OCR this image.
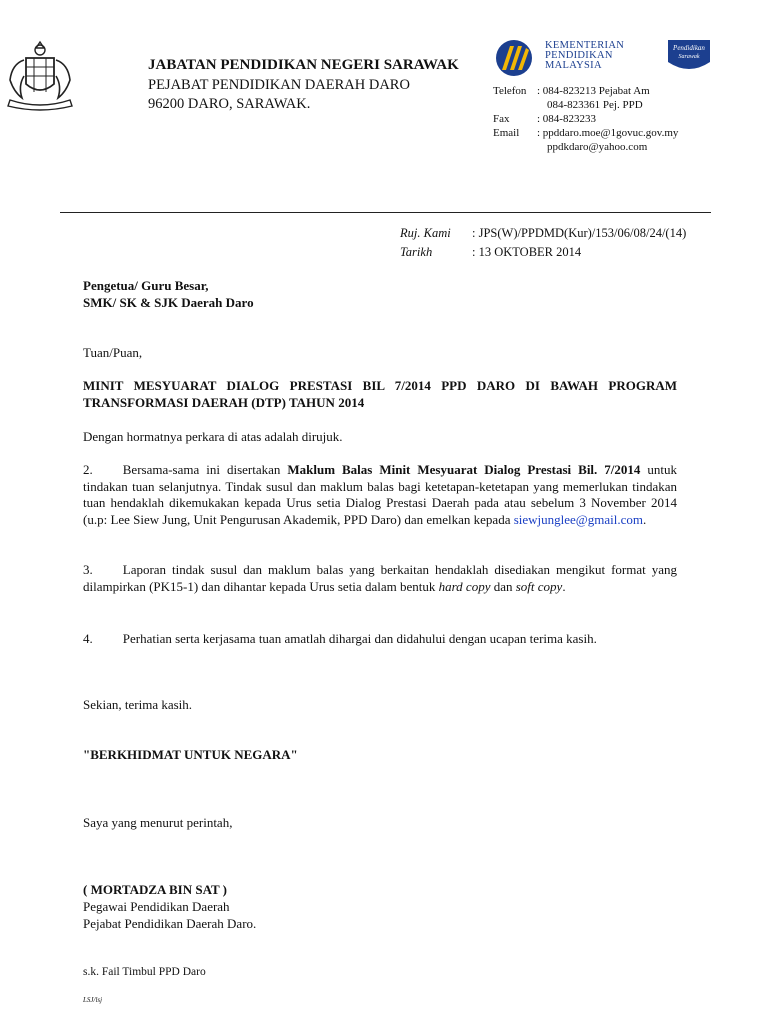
JABATAN PENDIDIKAN NEGERI SARAWAK
PEJABAT PENDIDIKAN DAERAH DARO
96200 DARO, SARAWAK.
KEMENTERIAN
PENDIDIKAN
MALAYSIA
Pendidikan
Sarawak
Telefon : 084-823213 Pejabat Am
084-823361 Pej. PPD
Fax	: 084-823233
Email : ppddaro.moe@1govuc.gov.my
ppdkdaro@yahoo.com
Ruj. Kami : JPS(W)/PPDMD(Kur)/153/06/08/24/(14)
Tarikh	: 13 OKTOBER 2014
Pengetua/ Guru Besar,
SMK/ SK & SJK Daerah Daro
Tuan/Puan,
MINIT MESYUARAT DIALOG PRESTASI BIL 7/2014 PPD DARO DI BAWAH PROGRAM TRANSFORMASI DAERAH (DTP) TAHUN 2014
Dengan hormatnya perkara di atas adalah dirujuk.
2. Bersama-sama ini disertakan Maklum Balas Minit Mesyuarat Dialog Prestasi Bil. 7/2014 untuk tindakan tuan selanjutnya. Tindak susul dan maklum balas bagi ketetapan-ketetapan yang memerlukan tindakan tuan hendaklah dikemukakan kepada Urus setia Dialog Prestasi Daerah pada atau sebelum 3 November 2014 (u.p: Lee Siew Jung, Unit Pengurusan Akademik, PPD Daro) dan emelkan kepada siewjunglee@gmail.com.
3. Laporan tindak susul dan maklum balas yang berkaitan hendaklah disediakan mengikut format yang dilampirkan (PK15-1) dan dihantar kepada Urus setia dalam bentuk hard copy dan soft copy.
4. Perhatian serta kerjasama tuan amatlah dihargai dan didahului dengan ucapan terima kasih.
Sekian, terima kasih.
"BERKHIDMAT UNTUK NEGARA"
Saya yang menurut perintah,
( MORTADZA BIN SAT )
Pegawai Pendidikan Daerah
Pejabat Pendidikan Daerah Daro.
s.k. Fail Timbul PPD Daro
LSJ/lsj
